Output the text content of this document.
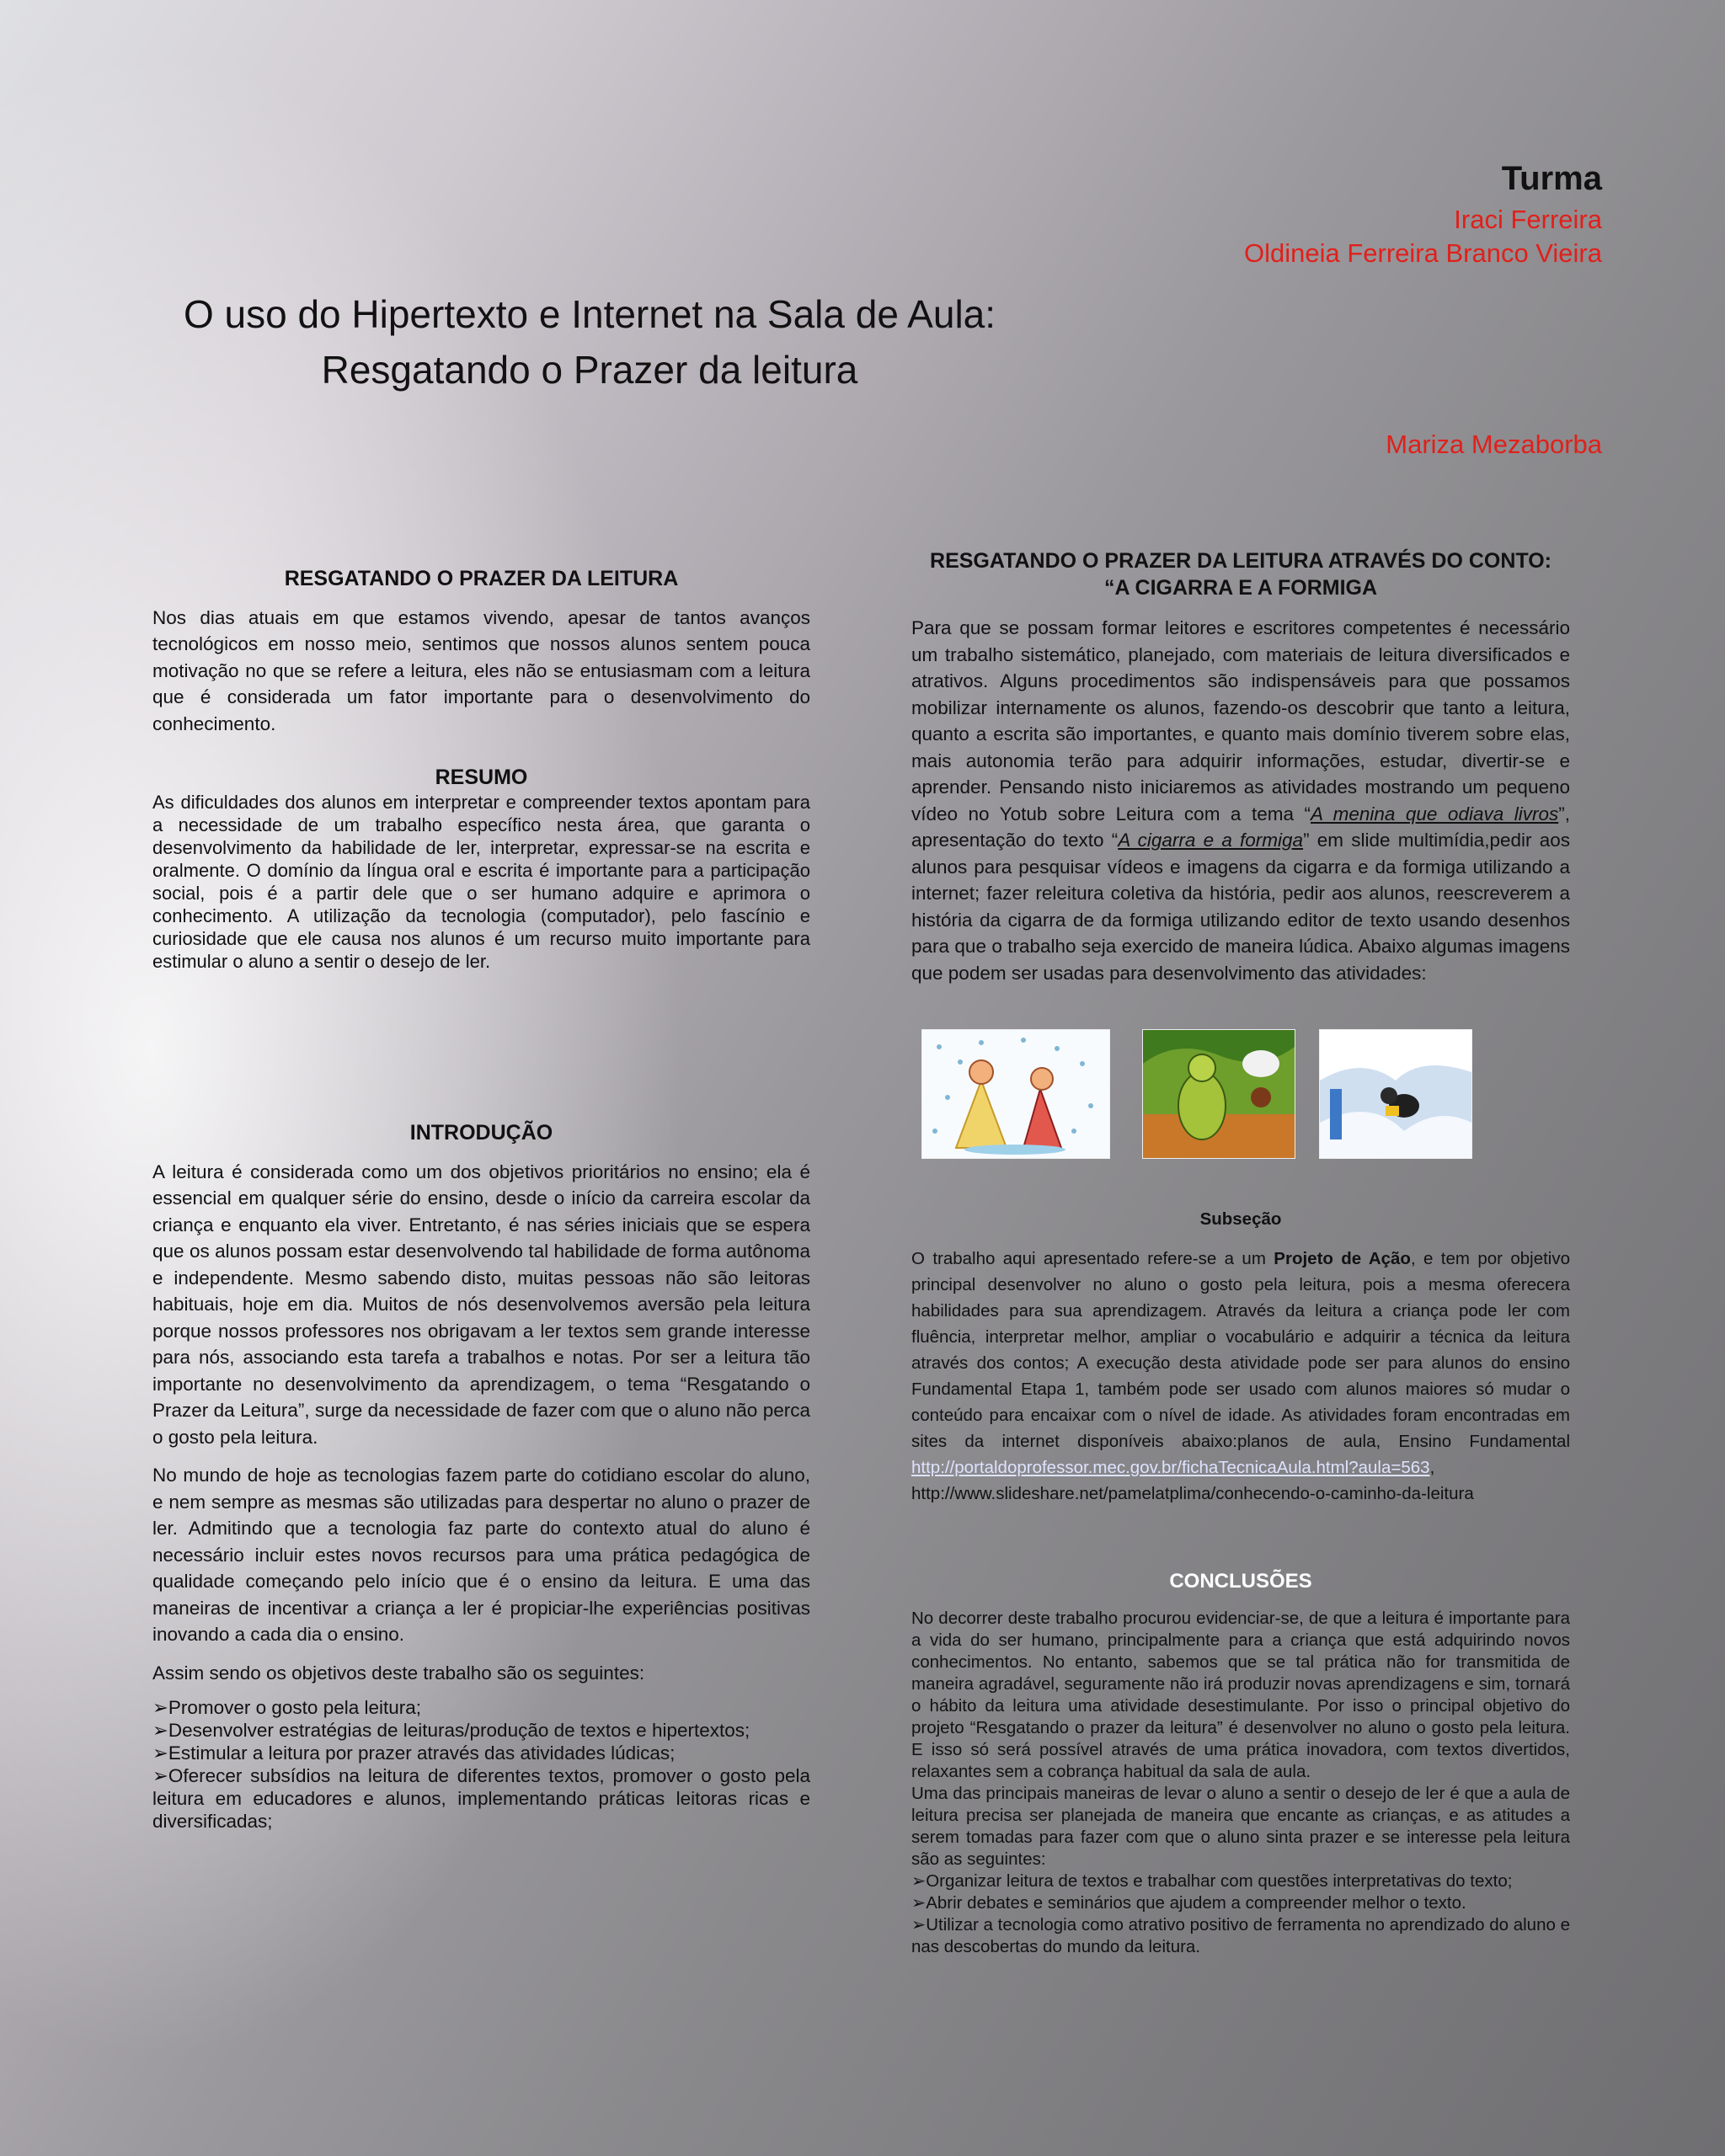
Turma
Iraci Ferreira
Oldineia Ferreira Branco Vieira
Mariza Mezaborba
O uso do Hipertexto e Internet na Sala de Aula:
Resgatando o Prazer da leitura
RESGATANDO O PRAZER DA LEITURA

Nos dias atuais em que estamos vivendo, apesar de tantos avanços tecnológicos em nosso meio, sentimos que nossos alunos sentem pouca motivação no que se refere a leitura, eles não se entusiasmam com a leitura que é considerada um fator importante para o desenvolvimento do conhecimento.

RESUMO

As dificuldades dos alunos em interpretar e compreender textos apontam para a necessidade de um trabalho específico nesta área, que garanta o desenvolvimento da habilidade de ler, interpretar, expressar-se na escrita e oralmente. O domínio da língua oral e escrita é importante para a participação social, pois é a partir dele que o ser humano adquire e aprimora o conhecimento. A utilização da tecnologia (computador), pelo fascínio e curiosidade que ele causa nos alunos é um recurso muito importante para estimular o aluno a sentir o desejo de ler.

INTRODUÇÃO

A leitura é considerada como um dos objetivos prioritários no ensino; ela é essencial em qualquer série do ensino, desde o início da carreira escolar da criança e enquanto ela viver. Entretanto, é nas séries iniciais que se espera que os alunos possam estar desenvolvendo tal habilidade de forma autônoma e independente. Mesmo sabendo disto, muitas pessoas não são leitoras habituais, hoje em dia. Muitos de nós desenvolvemos aversão pela leitura porque nossos professores nos obrigavam a ler textos sem grande interesse para nós, associando esta tarefa a trabalhos e notas. Por ser a leitura tão importante no desenvolvimento da aprendizagem, o tema “Resgatando o Prazer da Leitura”, surge da necessidade de fazer com que o aluno não perca o gosto pela leitura.

No mundo de hoje as tecnologias fazem parte do cotidiano escolar do aluno, e nem sempre as mesmas são utilizadas para despertar no aluno o prazer de ler. Admitindo que a tecnologia faz parte do contexto atual do aluno é necessário incluir estes novos recursos para uma prática pedagógica de qualidade começando pelo início que é o ensino da leitura. E uma das maneiras de incentivar a criança a ler é propiciar-lhe experiências positivas inovando a cada dia o ensino.

Assim sendo os objetivos deste trabalho são os seguintes:

➢ Promover o gosto pela leitura;
➢ Desenvolver estratégias de leituras/produção de textos e hipertextos;
➢ Estimular a leitura por prazer através das atividades lúdicas;
➢ Oferecer subsídios na leitura de diferentes textos, promover o gosto pela leitura em educadores e alunos, implementando práticas leitoras ricas e diversificadas;
RESGATANDO O PRAZER DA LEITURA ATRAVÉS DO CONTO:
“A CIGARRA E A FORMIGA

Para que se possam formar leitores e escritores competentes é necessário um trabalho sistemático, planejado, com materiais de leitura diversificados e atrativos. Alguns procedimentos são indispensáveis para que possamos mobilizar internamente os alunos, fazendo-os descobrir que tanto a leitura, quanto a escrita são importantes, e quanto mais domínio tiverem sobre elas, mais autonomia terão para adquirir informações, estudar, divertir-se e aprender. Pensando nisto iniciaremos as atividades mostrando um pequeno vídeo no Yotub sobre Leitura com a tema “A menina que odiava livros”, apresentação do texto “A cigarra e a formiga” em slide multimídia,pedir aos alunos para pesquisar vídeos e imagens da cigarra e da formiga utilizando a internet; fazer releitura coletiva da história, pedir aos alunos, reescreverem a história da cigarra de da formiga utilizando editor de texto usando desenhos para que o trabalho seja exercido de maneira lúdica. Abaixo algumas imagens que podem ser usadas para desenvolvimento das atividades:

Subseção

O trabalho aqui apresentado refere-se a um Projeto de Ação, e tem por objetivo principal desenvolver no aluno o gosto pela leitura, pois a mesma oferecera habilidades para sua aprendizagem. Através da leitura a criança pode ler com fluência, interpretar melhor, ampliar o vocabulário e adquirir a técnica da leitura através dos contos; A execução desta atividade pode ser para alunos do ensino Fundamental Etapa 1, também pode ser usado com alunos maiores só mudar o conteúdo para encaixar com o nível de idade. As atividades foram encontradas em sites da internet disponíveis abaixo:planos de aula, Ensino Fundamental http://portaldoprofessor.mec.gov.br/fichaTecnicaAula.html?aula=563,

http://www.slideshare.net/pamelatplima/conhecendo-o-caminho-da-leitura
CONCLUSÕES

No decorrer deste trabalho procurou evidenciar-se, de que a leitura é importante para a vida do ser humano, principalmente para a criança que está adquirindo novos conhecimentos. No entanto, sabemos que se tal prática não for transmitida de maneira agradável, seguramente não irá produzir novas aprendizagens e sim, tornará o hábito da leitura uma atividade desestimulante. Por isso o principal objetivo do projeto “Resgatando o prazer da leitura” é desenvolver no aluno o gosto pela leitura. E isso só será possível através de uma prática inovadora, com textos divertidos, relaxantes sem a cobrança habitual da sala de aula.

Uma das principais maneiras de levar o aluno a sentir o desejo de ler é que a aula de leitura precisa ser planejada de maneira que encante as crianças, e as atitudes a serem tomadas para fazer com que o aluno sinta prazer e se interesse pela leitura são as seguintes:

➢ Organizar leitura de textos e trabalhar com questões interpretativas do texto;
➢ Abrir debates e seminários que ajudem a compreender melhor o texto.
➢ Utilizar a tecnologia como atrativo positivo de ferramenta no aprendizado do aluno e nas descobertas do mundo da leitura.
